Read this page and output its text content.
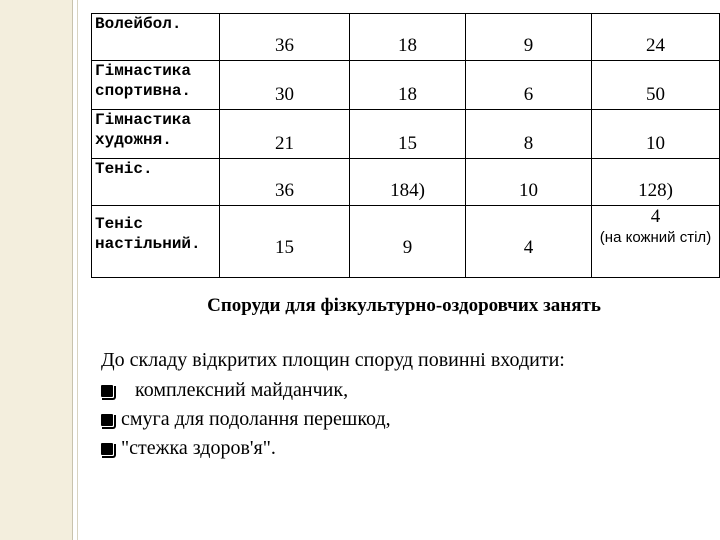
Волейбол.	36	18	9	24
Гімнастика спортивна.	30	18	6	50
Гімнастика художня.	21	15	8	10
Теніс.	36	184)	10	128)
Теніс настільний.	15	9	4	4
(на кожний стіл)
Споруди для фізкультурно-оздоровчих занять
До складу відкритих площин споруд повинні входити:
комплексний майданчик,
смуга для подолання перешкод,
"стежка здоров'я".
